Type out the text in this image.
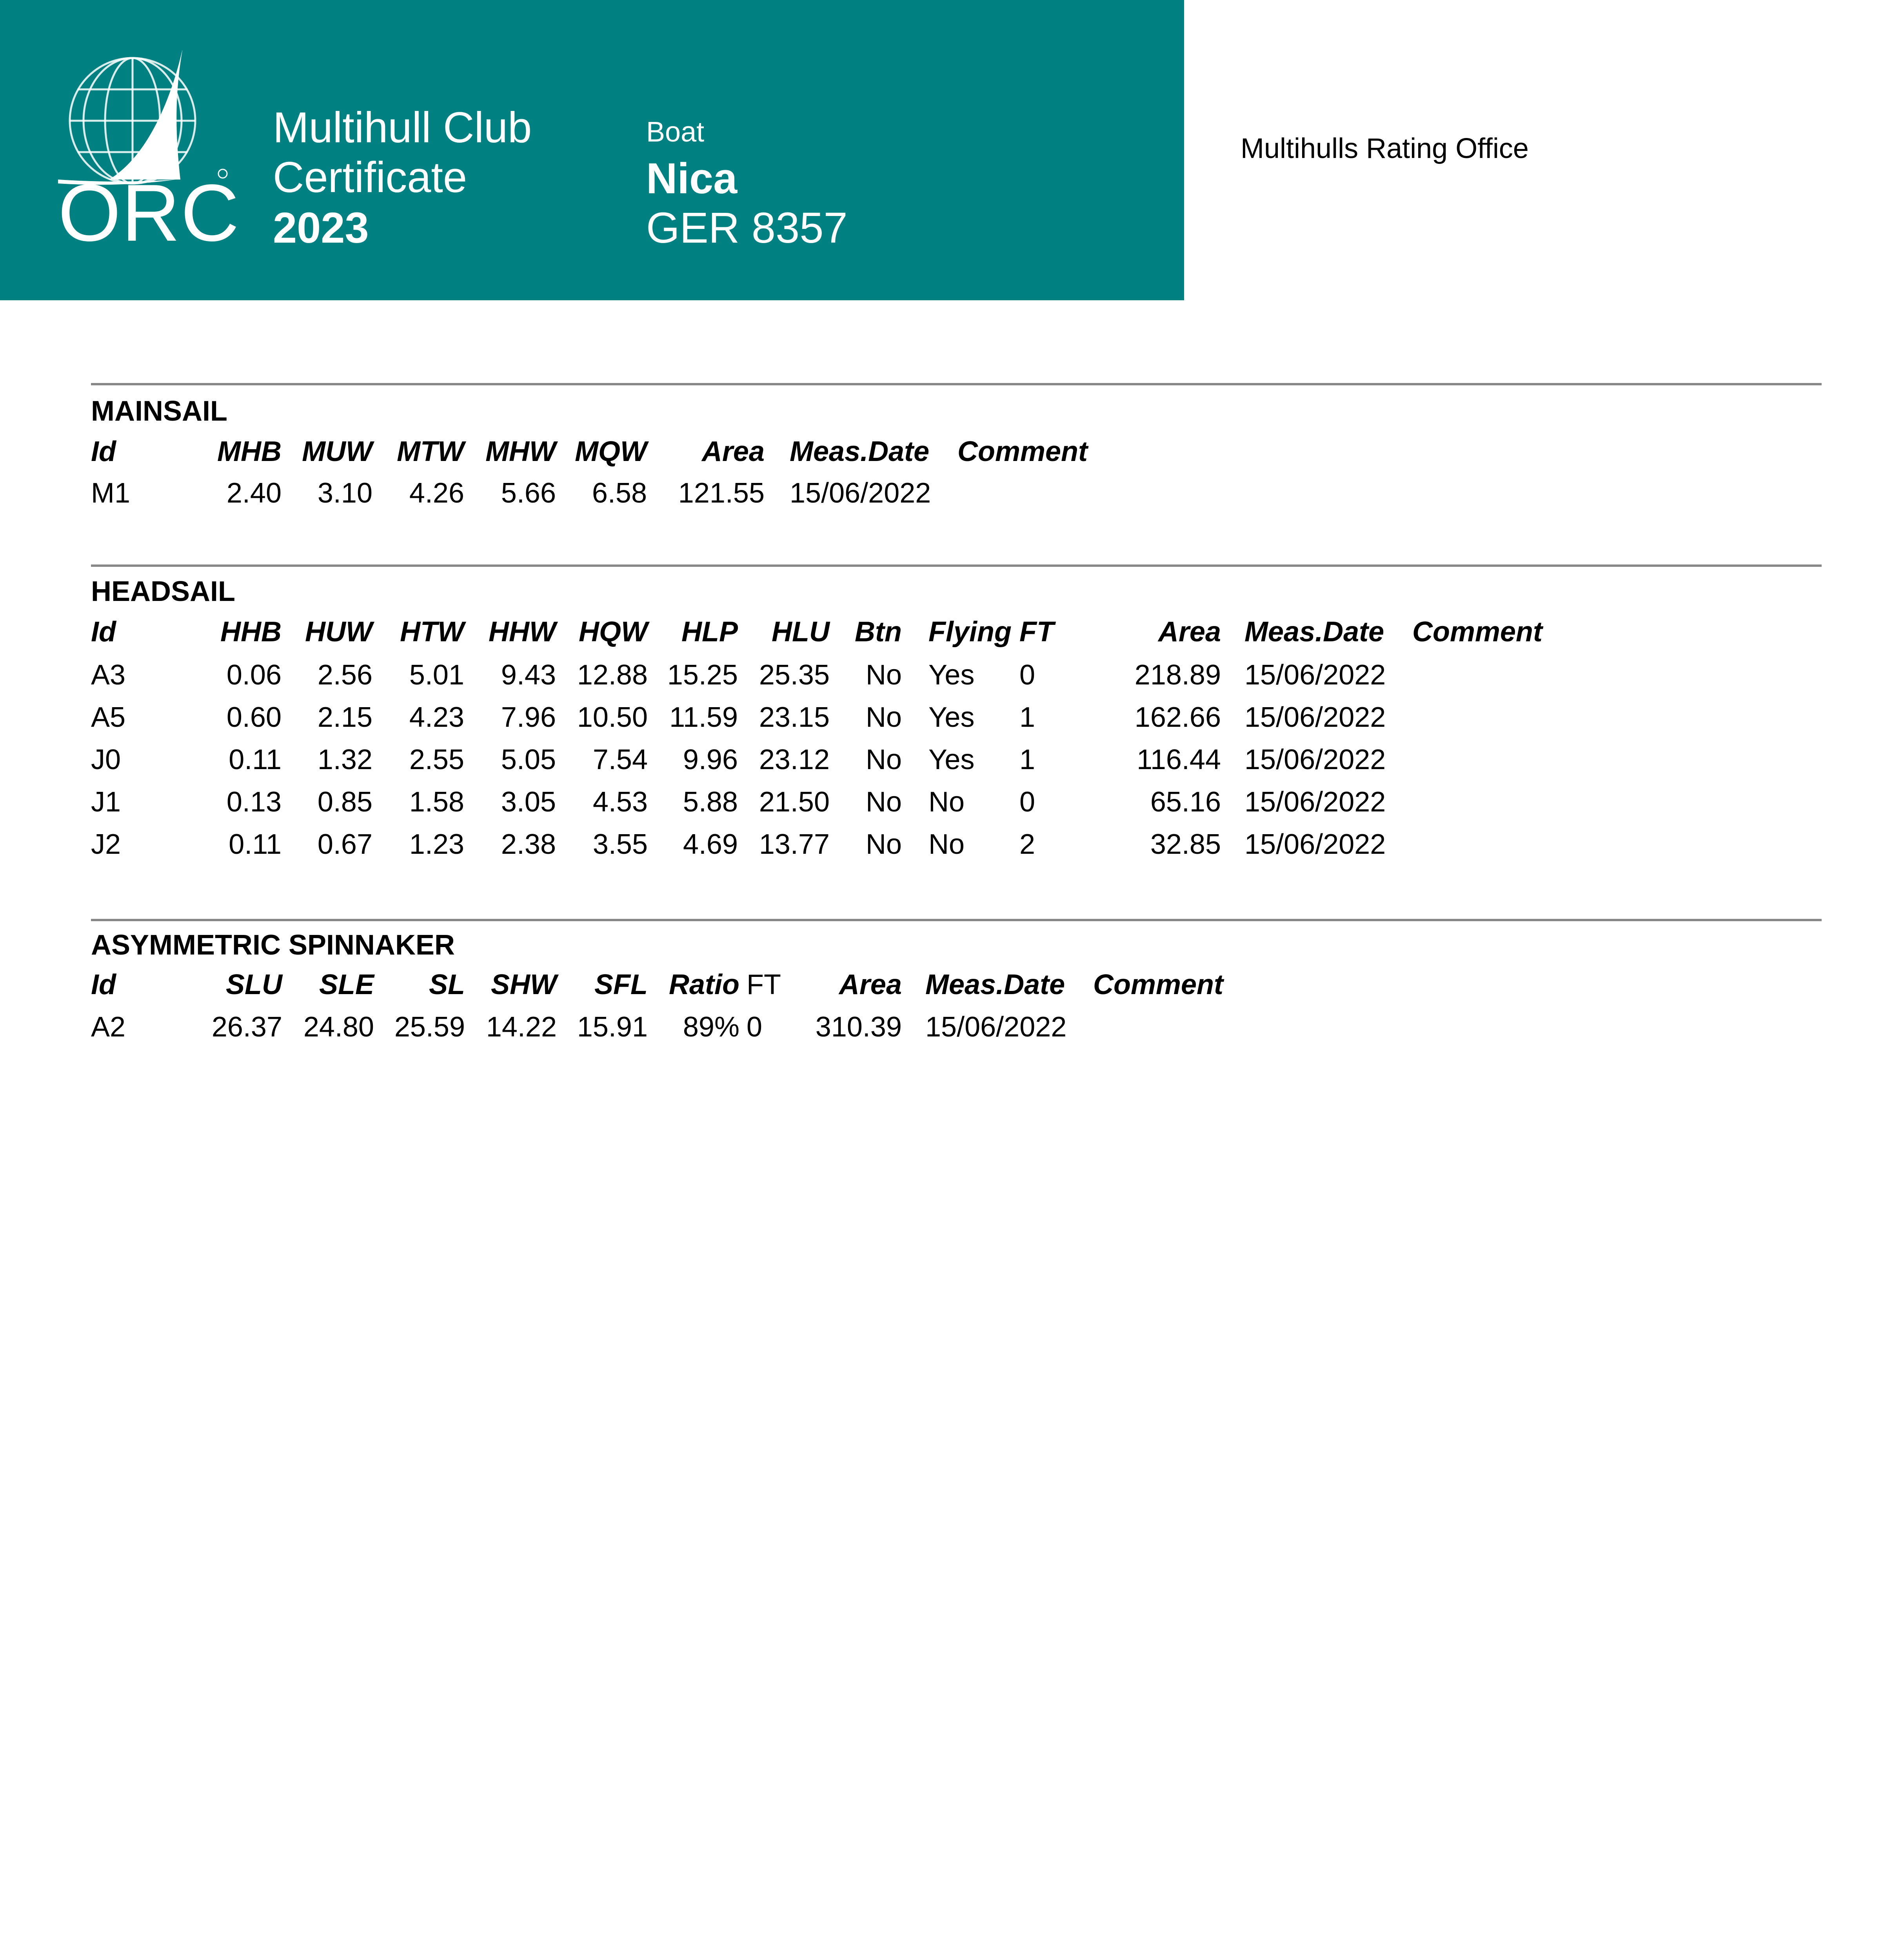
ORC
Multihull Club
Certificate
2023
Boat
Nica
GER 8357
Multihulls Rating Office
MAINSAIL
Id	MHB MUW MTW MHW MQW	Area Meas.Date Comment
M1	2.40	3.10	4.26	5.66	6.58	121.55 15/06/2022
HEADSAIL
Id	HHB HUW HTW HHW HQW	HLP	HLU Btn Flying FT	Area Meas.Date Comment
A3	0.06	2.56	5.01	9.43 12.88 15.25 25.35	No Yes 0	218.89 15/06/2022
A5	0.60	2.15	4.23	7.96 10.50 11.59 23.15	No Yes 1	162.66 15/06/2022
J0	0.11	1.32	2.55	5.05	7.54	9.96 23.12	No Yes 1	116.44 15/06/2022
J1	0.13	0.85	1.58	3.05	4.53	5.88 21.50	No No 0	65.16 15/06/2022
J2	0.11	0.67	1.23	2.38	3.55	4.69 13.77	No No 2	32.85 15/06/2022
ASYMMETRIC SPINNAKER
Id	SLU	SLE	SL SHW	SFL Ratio FT	Area Meas.Date Comment
A2	26.37 24.80 25.59 14.22 15.91	89% 0	310.39 15/06/2022
